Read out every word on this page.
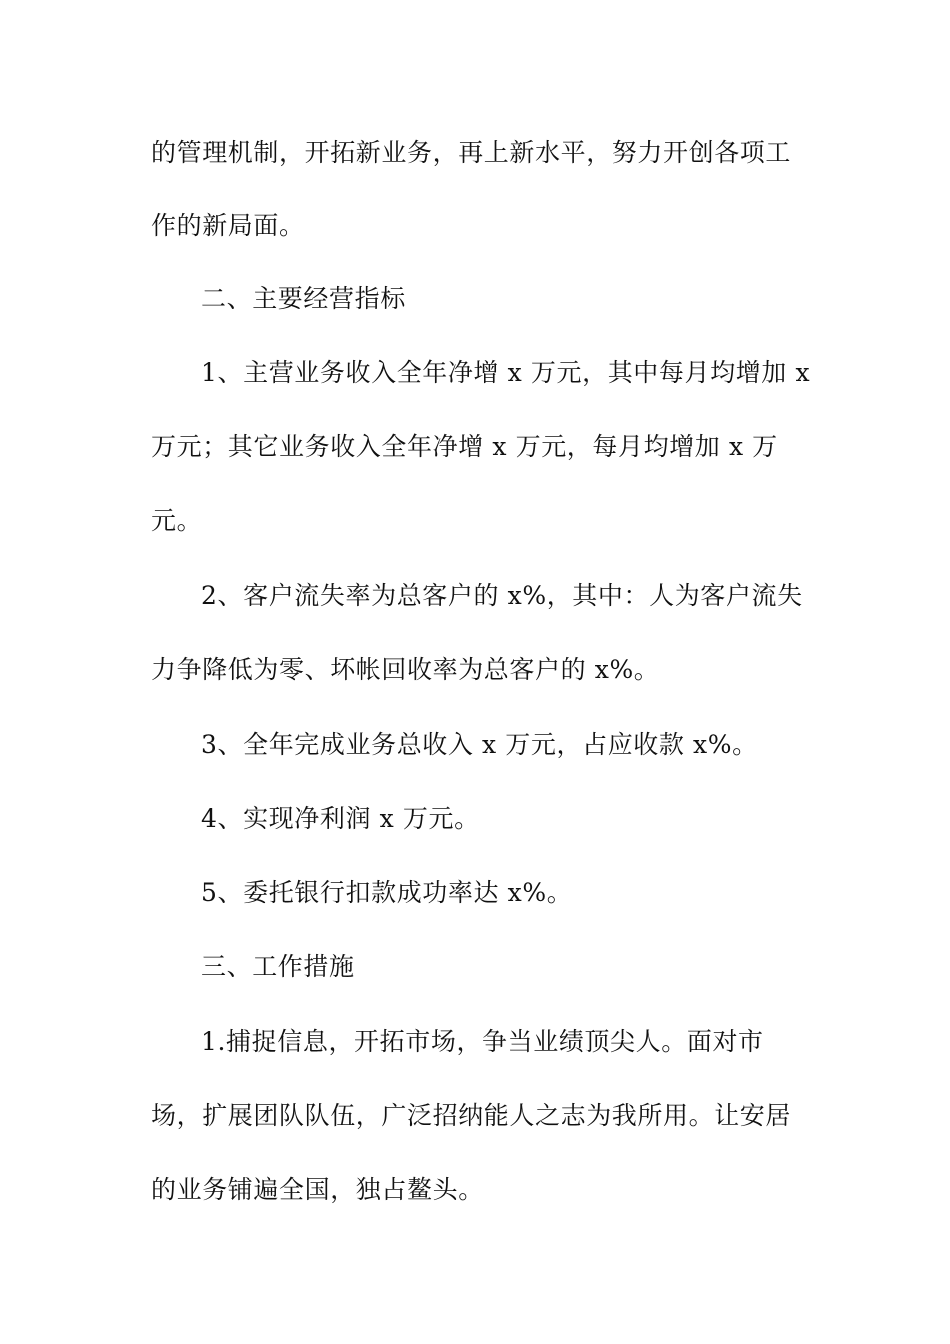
的管理机制，开拓新业务，再上新水平，努力开创各项工
作的新局面。
二、主要经营指标
1、主营业务收入全年净增 x 万元，其中每月均增加 x
万元；其它业务收入全年净增 x 万元，每月均增加 x 万
元。
2、客户流失率为总客户的 x%，其中：人为客户流失
力争降低为零、坏帐回收率为总客户的 x%。
3、全年完成业务总收入 x 万元，占应收款 x%。
4、实现净利润 x 万元。
5、委托银行扣款成功率达 x%。
三、工作措施
1.捕捉信息，开拓市场，争当业绩顶尖人。面对市
场，扩展团队队伍，广泛招纳能人之志为我所用。让安居
的业务铺遍全国，独占鳌头。
